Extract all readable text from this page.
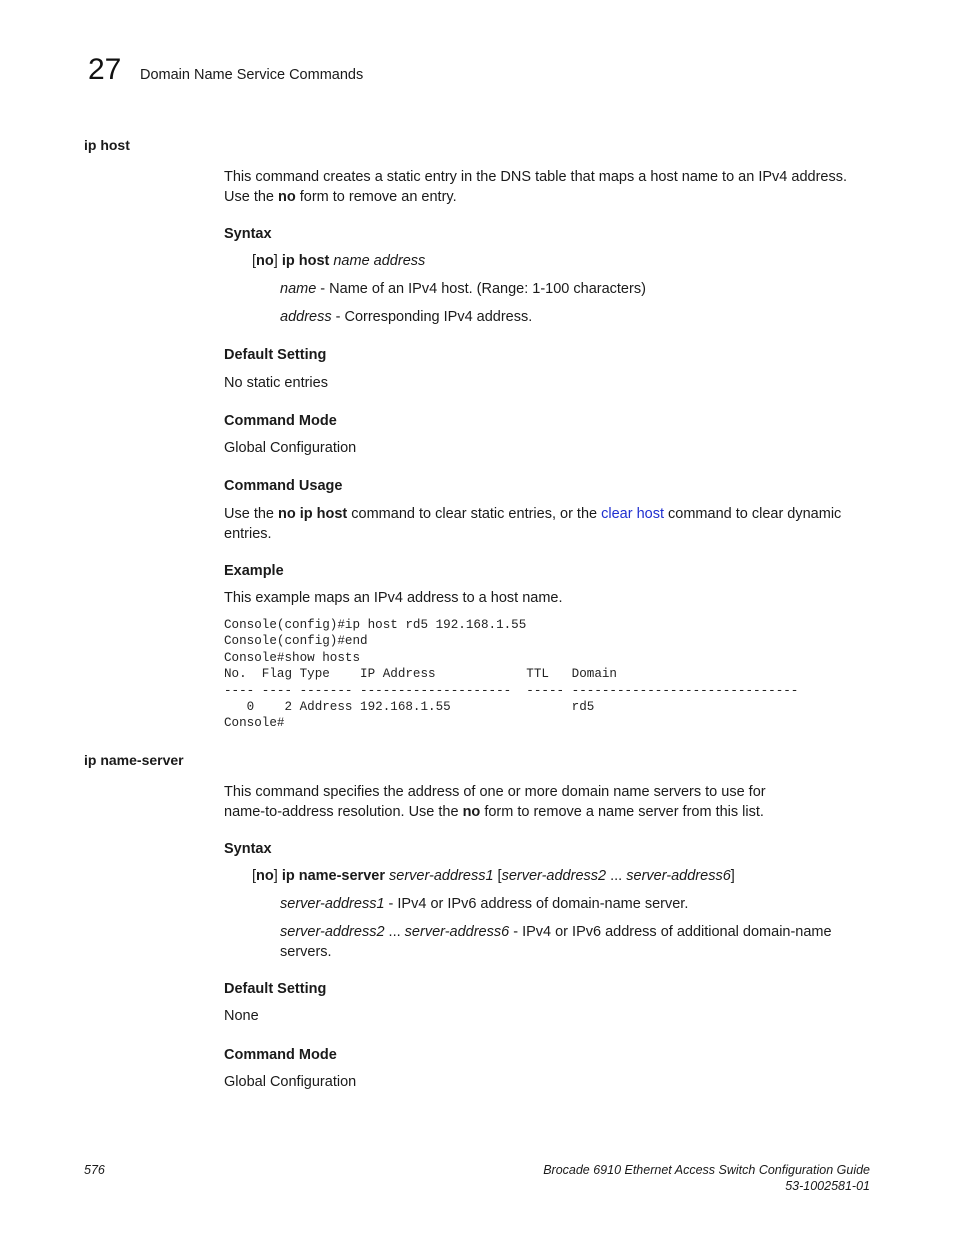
27 Domain Name Service Commands
ip host
This command creates a static entry in the DNS table that maps a host name to an IPv4 address.
Use the no form to remove an entry.
Syntax
[no] ip host name address
name - Name of an IPv4 host. (Range: 1-100 characters)
address - Corresponding IPv4 address.
Default Setting
No static entries
Command Mode
Global Configuration
Command Usage
Use the no ip host command to clear static entries, or the clear host command to clear dynamic
entries.
Example
This example maps an IPv4 address to a host name.
Console(config)#ip host rd5 192.168.1.55
Console(config)#end
Console#show hosts
No.  Flag Type    IP Address            TTL   Domain
---- ---- ------- --------------------  ----- ------------------------------
0    2 Address 192.168.1.55                rd5
Console#
ip name-server
This command specifies the address of one or more domain name servers to use for
name-to-address resolution. Use the no form to remove a name server from this list.
Syntax
[no] ip name-server server-address1 [server-address2 ... server-address6]
server-address1 - IPv4 or IPv6 address of domain-name server.
server-address2 ... server-address6 - IPv4 or IPv6 address of additional domain-name
servers.
Default Setting
None
Command Mode
Global Configuration
576	Brocade 6910 Ethernet Access Switch Configuration Guide
53-1002581-01
